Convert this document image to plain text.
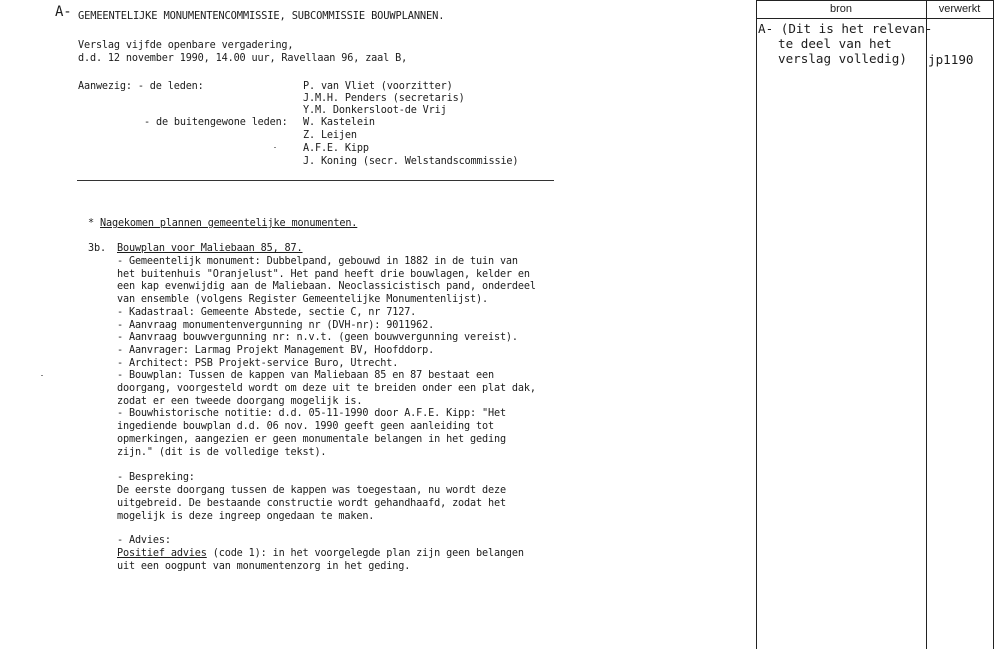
A- GEMEENTELIJKE MONUMENTENCOMMISSIE, SUBCOMMISSIE BOUWPLANNEN.
Verslag vijfde openbare vergadering,
d.d. 12 november 1990, 14.00 uur, Ravellaan 96, zaal B,
Aanwezig: - de leden:	P. van Vliet (voorzitter)
J.M.H. Penders (secretaris)
Y.M. Donkersloot-de Vrij
- de buitengewone leden: W. Kastelein
Z. Leijen
A.F.E. Kipp
J. Koning (secr. Welstandscommissie)
* Nagekomen plannen gemeentelijke monumenten.
3b. Bouwplan voor Maliebaan 85, 87.
- Gemeentelijk monument: Dubbelpand, gebouwd in 1882 in de tuin van
het buitenhuis "Oranjelust". Het pand heeft drie bouwlagen, kelder en
een kap evenwijdig aan de Maliebaan. Neoclassicistisch pand, onderdeel
van ensemble (volgens Register Gemeentelijke Monumentenlijst).
- Kadastraal: Gemeente Abstede, sectie C, nr 7127.
- Aanvraag monumentenvergunning nr (DVH-nr): 9011962.
- Aanvraag bouwvergunning nr: n.v.t. (geen bouwvergunning vereist).
- Aanvrager: Larmag Projekt Management BV, Hoofddorp.
- Architect: PSB Projekt-service Buro, Utrecht.
- Bouwplan: Tussen de kappen van Maliebaan 85 en 87 bestaat een
doorgang, voorgesteld wordt om deze uit te breiden onder een plat dak,
zodat er een tweede doorgang mogelijk is.
- Bouwhistorische notitie: d.d. 05-11-1990 door A.F.E. Kipp: "Het
ingediende bouwplan d.d. 06 nov. 1990 geeft geen aanleiding tot
opmerkingen, aangezien er geen monumentale belangen in het geding
zijn." (dit is de volledige tekst).
- Bespreking:
De eerste doorgang tussen de kappen was toegestaan, nu wordt deze
uitgebreid. De bestaande constructie wordt gehandhaafd, zodat het
mogelijk is deze ingreep ongedaan te maken.
- Advies:
Positief advies (code 1): in het voorgelegde plan zijn geen belangen
uit een oogpunt van monumentenzorg in het geding.
bron	verwerkt
A- (Dit is het relevan-
te deel van het
verslag volledig) jp1190
